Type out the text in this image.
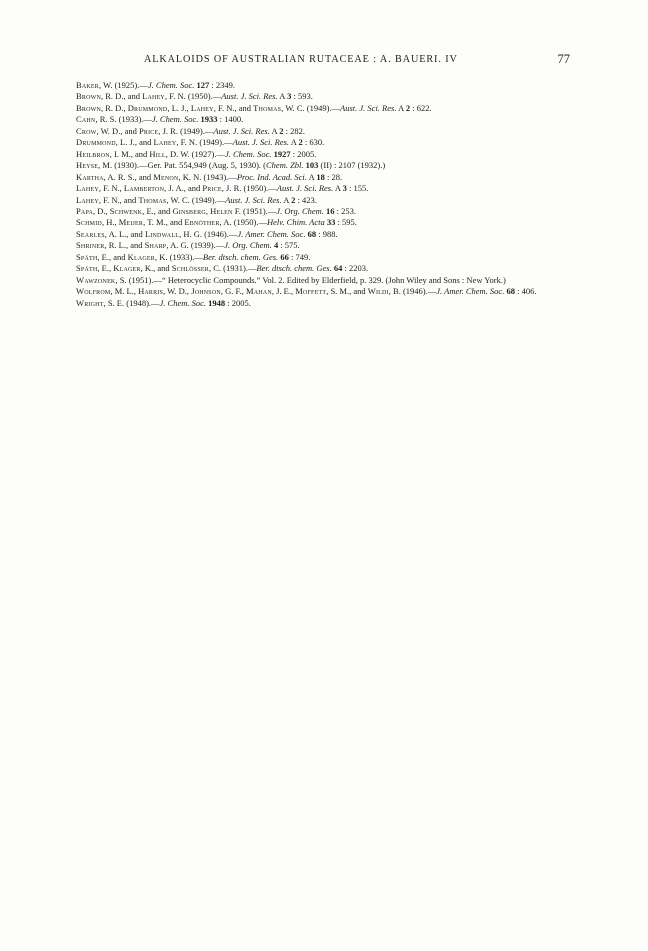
ALKALOIDS OF AUSTRALIAN RUTACEAE : A. BAUERI. IV	77
Baker, W. (1925).—J. Chem. Soc. 127 : 2349.
Brown, R. D., and Lahey, F. N. (1950).—Aust. J. Sci. Res. A 3 : 593.
Brown, R. D., Drummond, L. J., Lahey, F. N., and Thomas, W. C. (1949).—Aust. J. Sci. Res. A 2 : 622.
Cahn, R. S. (1933).—J. Chem. Soc. 1933 : 1400.
Crow, W. D., and Price, J. R. (1949).—Aust. J. Sci. Res. A 2 : 282.
Drummond, L. J., and Lahey, F. N. (1949).—Aust. J. Sci. Res. A 2 : 630.
Heilbron, I. M., and Hill, D. W. (1927).—J. Chem. Soc. 1927 : 2005.
Heyse, M. (1930).—Ger. Pat. 554,949 (Aug. 5, 1930). (Chem. Zbl. 103 (II) : 2107 (1932).)
Kartha, A. R. S., and Menon, K. N. (1943).—Proc. Ind. Acad. Sci. A 18 : 28.
Lahey, F. N., Lamberton, J. A., and Price, J. R. (1950).—Aust. J. Sci. Res. A 3 : 155.
Lahey, F. N., and Thomas, W. C. (1949).—Aust. J. Sci. Res. A 2 : 423.
Papa, D., Schwenk, E., and Ginsberg, Helen F. (1951).—J. Org. Chem. 16 : 253.
Schmid, H., Meijer, T. M., and Ebnöther, A. (1950).—Helv. Chim. Acta 33 : 595.
Searles, A. L., and Lindwall, H. G. (1946).—J. Amer. Chem. Soc. 68 : 988.
Shriner, R. L., and Sharp, A. G. (1939).—J. Org. Chem. 4 : 575.
Späth, E., and Klager, K. (1933).—Ber. dtsch. chem. Ges. 66 : 749.
Späth, E., Klager, K., and Schlösser, C. (1931).—Ber. dtsch. chem. Ges. 64 : 2203.
Wawzonek, S. (1951).—“ Heterocyclic Compounds.” Vol. 2. Edited by Elderfield, p. 329. (John Wiley and Sons : New York.)
Wolfrom, M. L., Harris, W. D., Johnson, G. F., Mahan, J. E., Moffett, S. M., and Wildi, B. (1946).—J. Amer. Chem. Soc. 68 : 406.
Wright, S. E. (1948).—J. Chem. Soc. 1948 : 2005.
